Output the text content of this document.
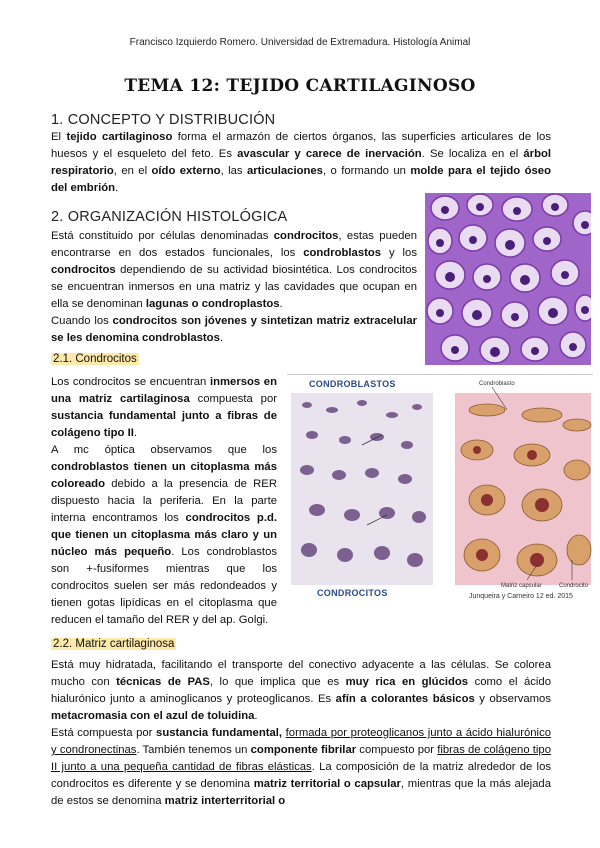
Francisco Izquierdo Romero. Universidad de Extremadura. Histología Animal
TEMA 12: TEJIDO CARTILAGINOSO
1. CONCEPTO Y DISTRIBUCIÓN
El tejido cartilaginoso forma el armazón de ciertos órganos, las superficies articulares de los huesos y el esqueleto del feto. Es avascular y carece de inervación. Se localiza en el árbol respiratorio, en el oído externo, las articulaciones, o formando un molde para el tejido óseo del embrión.
2. ORGANIZACIÓN HISTOLÓGICA
Está constituido por células denominadas condrocitos, estas pueden encontrarse en dos estados funcionales, los condroblastos y los condrocitos dependiendo de su actividad biosintética. Los condrocitos se encuentran inmersos en una matriz y las cavidades que ocupan en ella se denominan lagunas o condroplastos.
Cuando los condrocitos son jóvenes y sintetizan matriz extracelular se les denomina condroblastos.
2.1. Condrocitos
Los condrocitos se encuentran inmersos en una matriz cartilaginosa compuesta por sustancia fundamental junto a fibras de colágeno tipo II.
A mc óptica observamos que los condroblastos tienen un citoplasma más coloreado debido a la presencia de RER dispuesto hacia la periferia. En la parte interna encontramos los condrocitos p.d. que tienen un citoplasma más claro y un núcleo más pequeño. Los condroblastos son +-fusiformes mientras que los condrocitos suelen ser más redondeados y tienen gotas lipídicas en el citoplasma que reducen el tamaño del RER y del ap. Golgi.
CONDROBLASTOS
CONDROCITOS
Condroblasto
Matriz capsular	Condrocito
Junqueira y Carneiro 12 ed. 2015
2.2. Matriz cartilaginosa
Está muy hidratada, facilitando el transporte del conectivo adyacente a las células. Se colorea mucho con técnicas de PAS, lo que implica que es muy rica en glúcidos como el ácido hialurónico junto a aminoglicanos y proteoglicanos. Es afín a colorantes básicos y observamos metacromasia con el azul de toluidina.
Está compuesta por sustancia fundamental, formada por proteoglicanos junto a ácido hialurónico y condronectinas. También tenemos un componente fibrilar compuesto por fibras de colágeno tipo II junto a una pequeña cantidad de fibras elásticas. La composición de la matriz alrededor de los condrocitos es diferente y se denomina matriz territorial o capsular, mientras que la más alejada de estos se denomina matriz interterritorial o
